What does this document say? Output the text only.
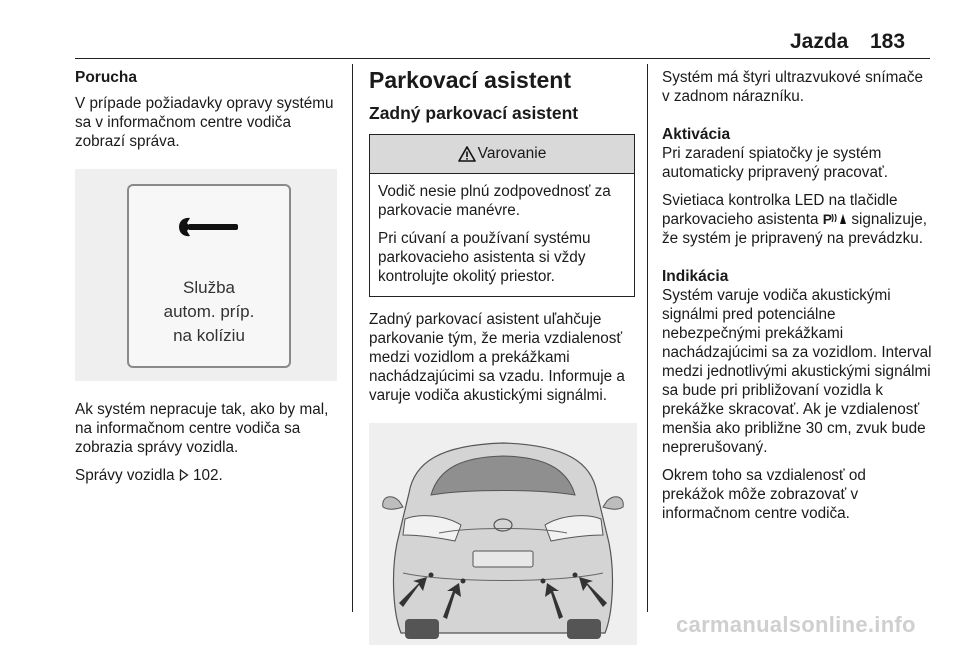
Jazda 183

Porucha

V prípade požiadavky opravy systému sa v informačnom centre vodiča zobrazí správa.

Služba
autom. príp.
na kolíziu

Ak systém nepracuje tak, ako by mal, na informačnom centre vodiča sa zobrazia správy vozidla.

Správy vozidla 102.

Parkovací asistent

Zadný parkovací asistent

Varovanie

Vodič nesie plnú zodpovednosť za parkovacie manévre.

Pri cúvaní a používaní systému parkovacieho asistenta si vždy kontrolujte okolitý priestor.

Zadný parkovací asistent uľahčuje parkovanie tým, že meria vzdialenosť medzi vozidlom a prekážkami nachádzajúcimi sa vzadu. Informuje a varuje vodiča akustickými signálmi.

Systém má štyri ultrazvukové snímače v zadnom nárazníku.

Aktivácia

Pri zaradení spiatočky je systém automaticky pripravený pracovať.

Svietiaca kontrolka LED na tlačidle parkovacieho asistenta P signalizuje, že systém je pripravený na prevádzku.

Indikácia

Systém varuje vodiča akustickými signálmi pred potenciálne nebezpečnými prekážkami nachádzajúcimi sa za vozidlom. Interval medzi jednotlivými akustickými signálmi sa bude pri približovaní vozidla k prekážke skracovať. Ak je vzdialenosť menšia ako približne 30 cm, zvuk bude neprerušovaný.

Okrem toho sa vzdialenosť od prekážok môže zobrazovať v informačnom centre vodiča.

carmanualsonline.info
